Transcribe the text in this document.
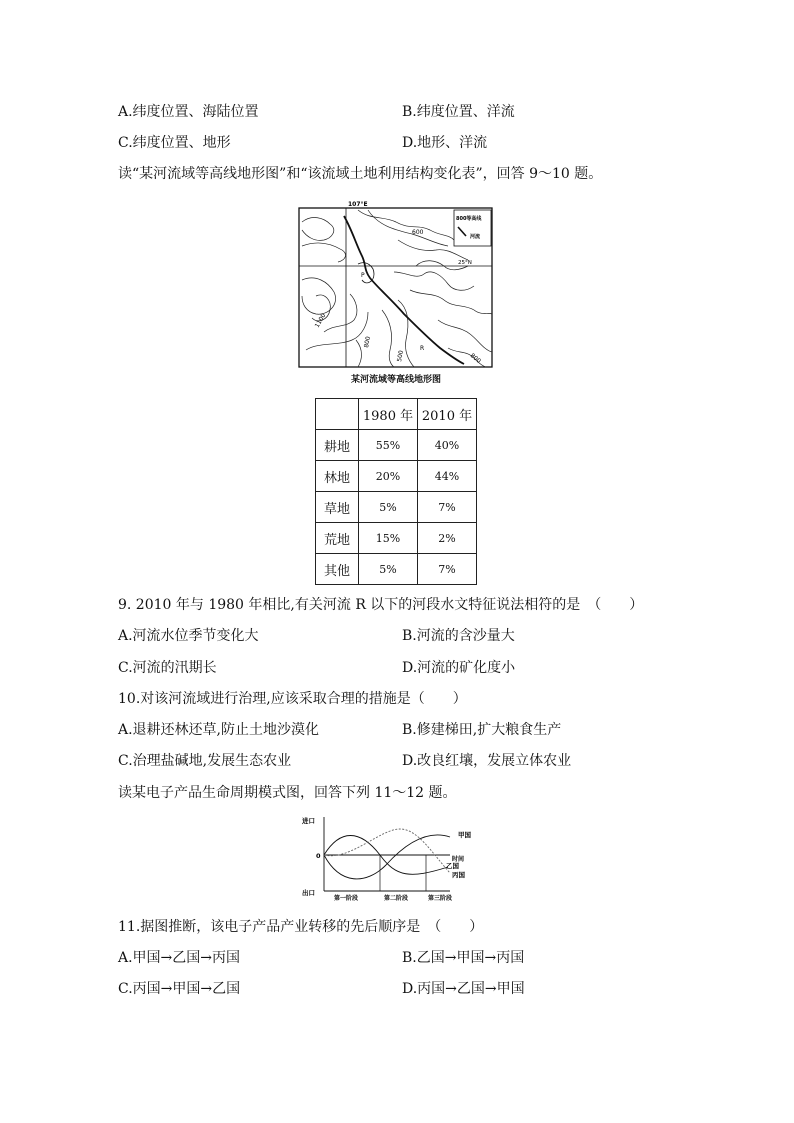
A.纬度位置、海陆位置	B.纬度位置、洋流
C.纬度位置、地形	D.地形、洋流
读“某河流域等高线地形图”和“该流域土地利用结构变化表”，回答 9～10 题。
107°E
25°N
800等高线
河流
600
1100
800
500	800
P
R
某河流域等高线地形图
	1980 年	2010 年
耕地	55%	40%
林地	20%	44%
草地	5%	7%
荒地	15%	2%
其他	5%	7%
9. 2010 年与 1980 年相比,有关河流 R 以下的河段水文特征说法相符的是　（　　）
A.河流水位季节变化大	B.河流的含沙量大
C.河流的汛期长	D.河流的矿化度小
10.对该河流域进行治理,应该采取合理的措施是（　　）
A.退耕还林还草,防止土地沙漠化	B.修建梯田,扩大粮食生产
C.治理盐碱地,发展生态农业	D.改良红壤，发展立体农业
读某电子产品生命周期模式图，回答下列 11～12 题。
进口
0
出口
时间
第一阶段	第二阶段	第三阶段
甲国
乙国
丙国
11.据图推断，该电子产品产业转移的先后顺序是　（　　）
A.甲国→乙国→丙国	B.乙国→甲国→丙国
C.丙国→甲国→乙国	D.丙国→乙国→甲国
